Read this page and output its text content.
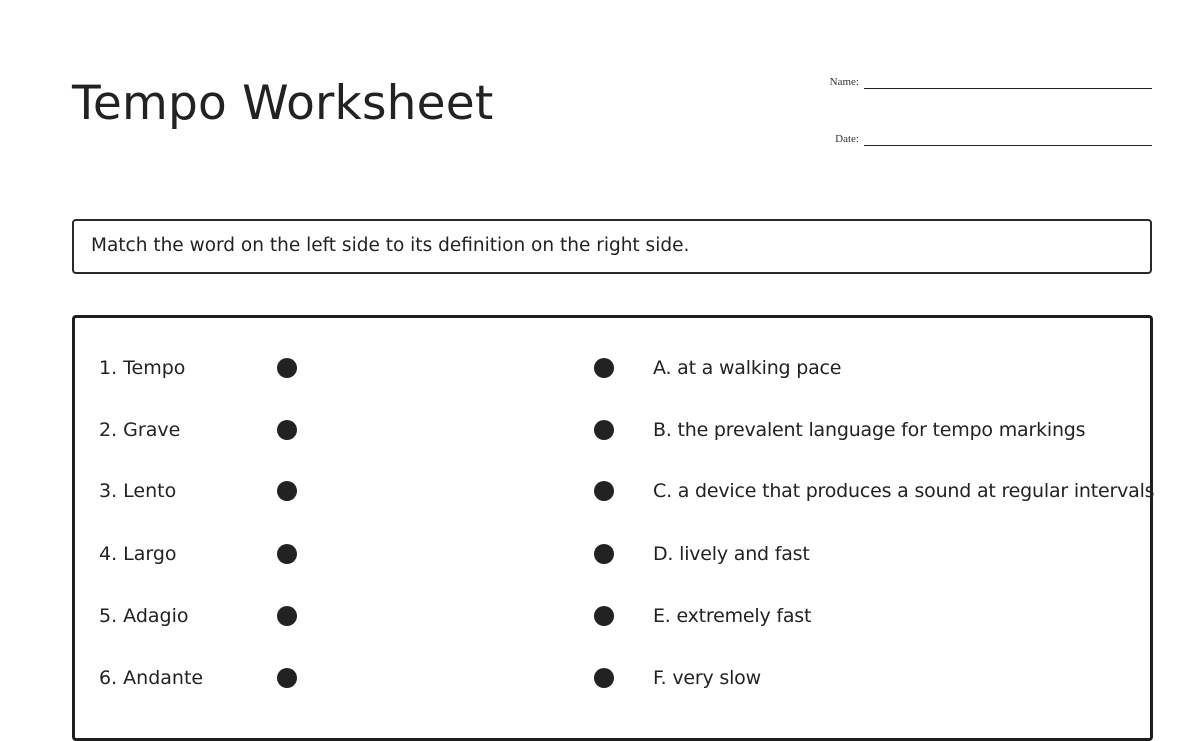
Tempo Worksheet	Name:
Date:
Match the word on the left side to its definition on the right side.
1. Tempo	A. at a walking pace
2. Grave	B. the prevalent language for tempo markings
3. Lento	C. a device that produces a sound at regular intervals
4. Largo	D. lively and fast
5. Adagio	E. extremely fast
6. Andante	F. very slow
